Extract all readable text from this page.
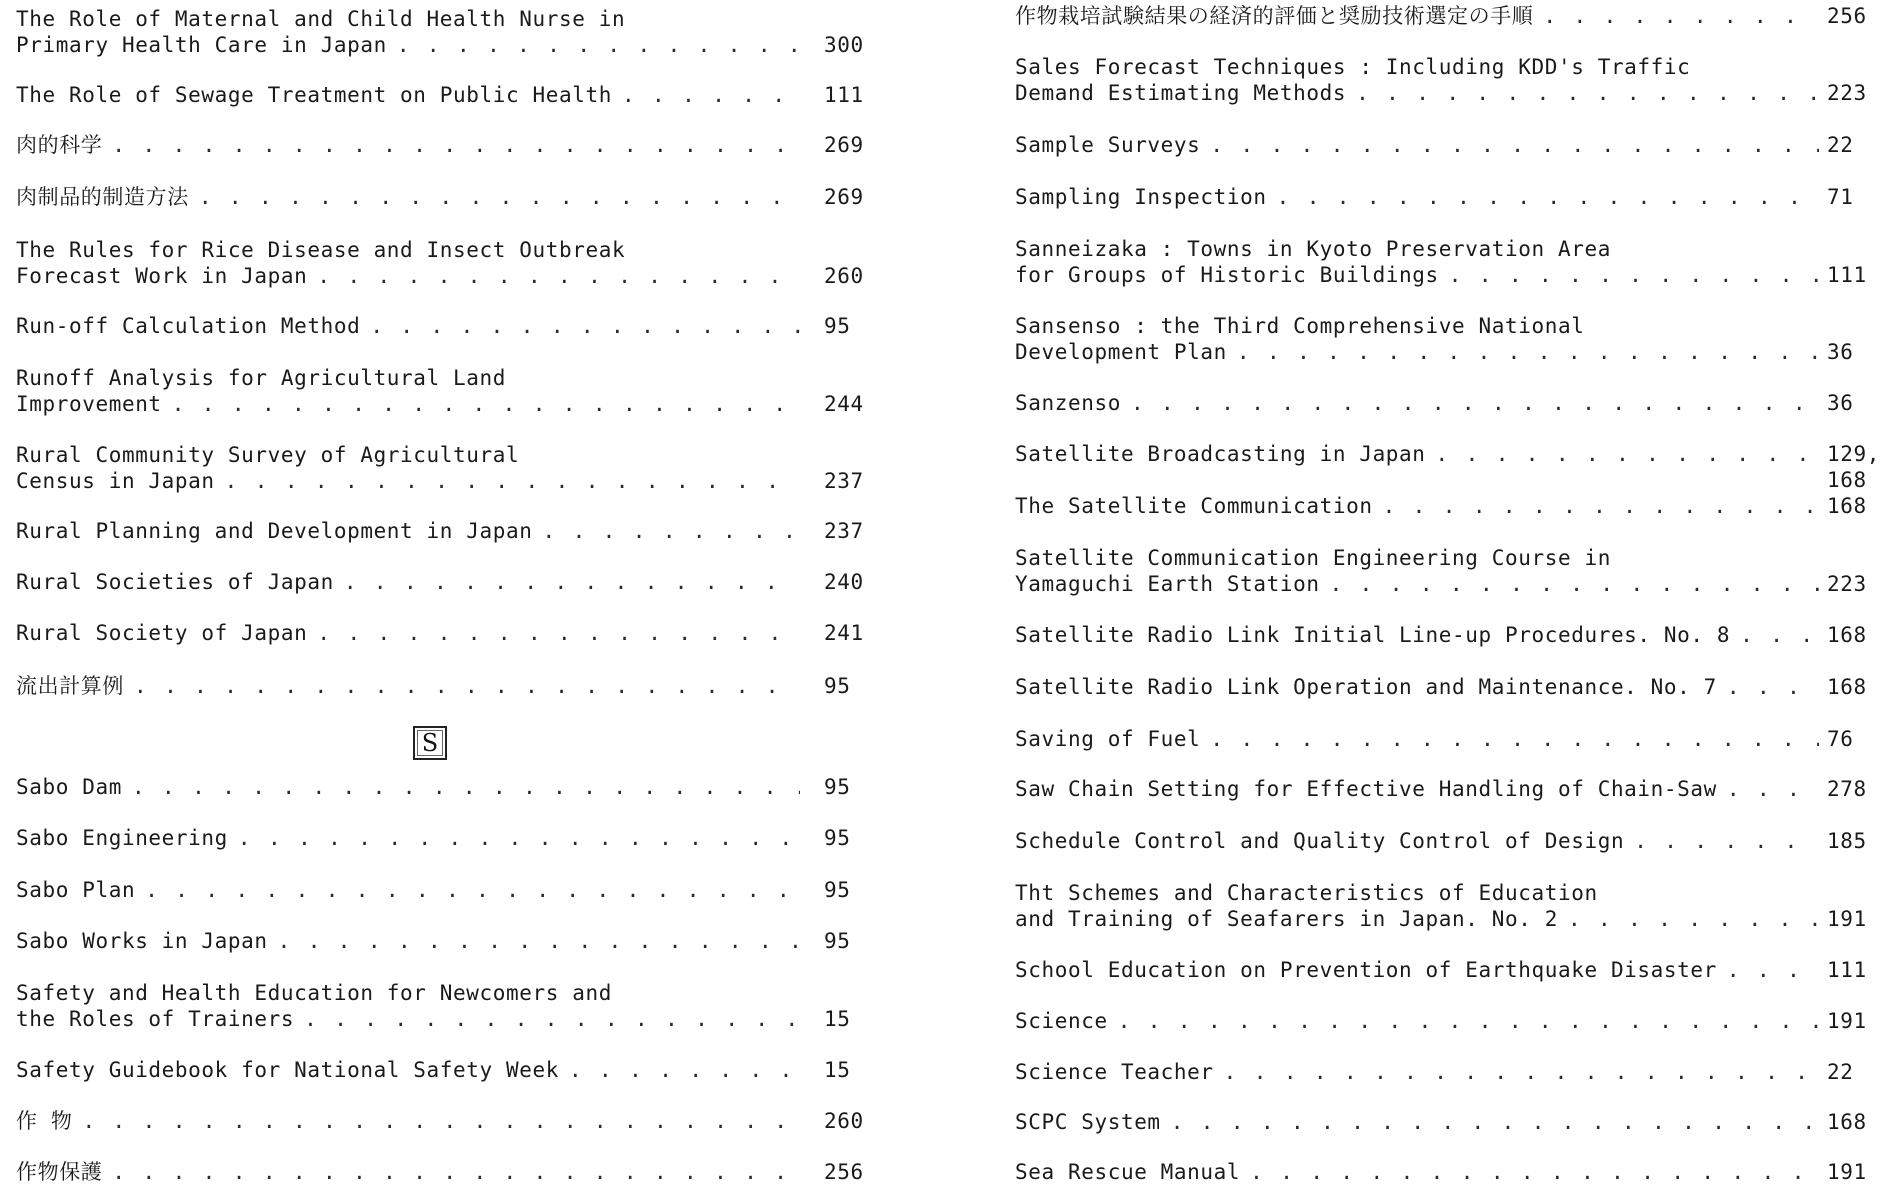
The Role of Maternal and Child Health Nurse in
Primary Health Care in Japan . . .	300
The Role of Sewage Treatment on Public Health . . .	111
肉的科学 . . .	269
肉制品的制造方法 . . .	269
The Rules for Rice Disease and Insect Outbreak
Forecast Work in Japan . . .	260
Run-off Calculation Method . . .	95
Runoff Analysis for Agricultural Land
Improvement . . .	244
Rural Community Survey of Agricultural
Census in Japan . . .	237
Rural Planning and Development in Japan . . .	237
Rural Societies of Japan . . .	240
Rural Society of Japan . . .	241
流出計算例 . . .	95
Sabo Dam . . .	95
Sabo Engineering . . .	95
Sabo Plan . . .	95
Sabo Works in Japan . . .	95
Safety and Health Education for Newcomers and
the Roles of Trainers . . .	15
Safety Guidebook for National Safety Week . . .	15
作 物 . . .	260
作物保護 . . .	256
S
作物栽培試験結果の経済的評価と奨励技術選定の手順 . . .	256
Sales Forecast Techniques : Including KDD's Traffic
Demand Estimating Methods . . .	223
Sample Surveys . . .	22
Sampling Inspection . . .	71
Sanneizaka : Towns in Kyoto Preservation Area
for Groups of Historic Buildings . . .	111
Sansenso : the Third Comprehensive National
Development Plan . . .	36
Sanzenso . . .	36
Satellite Broadcasting in Japan . . .	129,
168
The Satellite Communication . . .	168
Satellite Communication Engineering Course in
Yamaguchi Earth Station . . .	223
Satellite Radio Link Initial Line-up Procedures. No. 8 . . .	168
Satellite Radio Link Operation and Maintenance. No. 7 . . .	168
Saving of Fuel . . .	76
Saw Chain Setting for Effective Handling of Chain-Saw . . .	278
Schedule Control and Quality Control of Design . . .	185
Tht Schemes and Characteristics of Education
and Training of Seafarers in Japan. No. 2 . . .	191
School Education on Prevention of Earthquake Disaster . . .	111
Science . . .	191
Science Teacher . . .	22
SCPC System . . .	168
Sea Rescue Manual . . .	191
